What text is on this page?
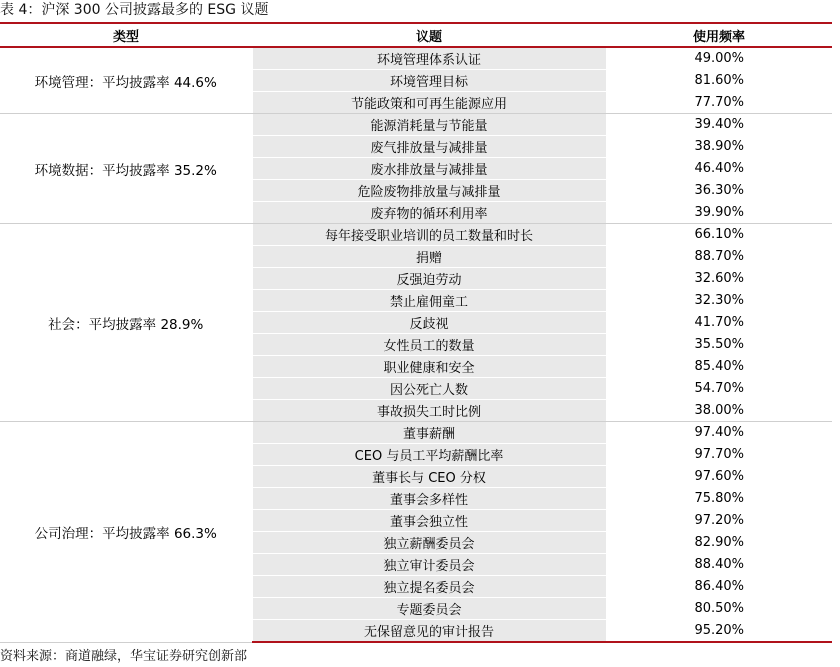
表 4：沪深 300 公司披露最多的 ESG 议题
类型	议题	使用频率
环境管理：平均披露率 44.6%	环境管理体系认证	49.00%
	环境管理目标	81.60%
	节能政策和可再生能源应用	77.70%
环境数据：平均披露率 35.2%	能源消耗量与节能量	39.40%
	废气排放量与减排量	38.90%
	废水排放量与减排量	46.40%
	危险废物排放量与减排量	36.30%
	废弃物的循环利用率	39.90%
社会：平均披露率 28.9%	每年接受职业培训的员工数量和时长	66.10%
	捐赠	88.70%
	反强迫劳动	32.60%
	禁止雇佣童工	32.30%
	反歧视	41.70%
	女性员工的数量	35.50%
	职业健康和安全	85.40%
	因公死亡人数	54.70%
	事故损失工时比例	38.00%
公司治理：平均披露率 66.3%	董事薪酬	97.40%
	CEO 与员工平均薪酬比率	97.70%
	董事长与 CEO 分权	97.60%
	董事会多样性	75.80%
	董事会独立性	97.20%
	独立薪酬委员会	82.90%
	独立审计委员会	88.40%
	独立提名委员会	86.40%
	专题委员会	80.50%
	无保留意见的审计报告	95.20%
资料来源：商道融绿，华宝证券研究创新部
